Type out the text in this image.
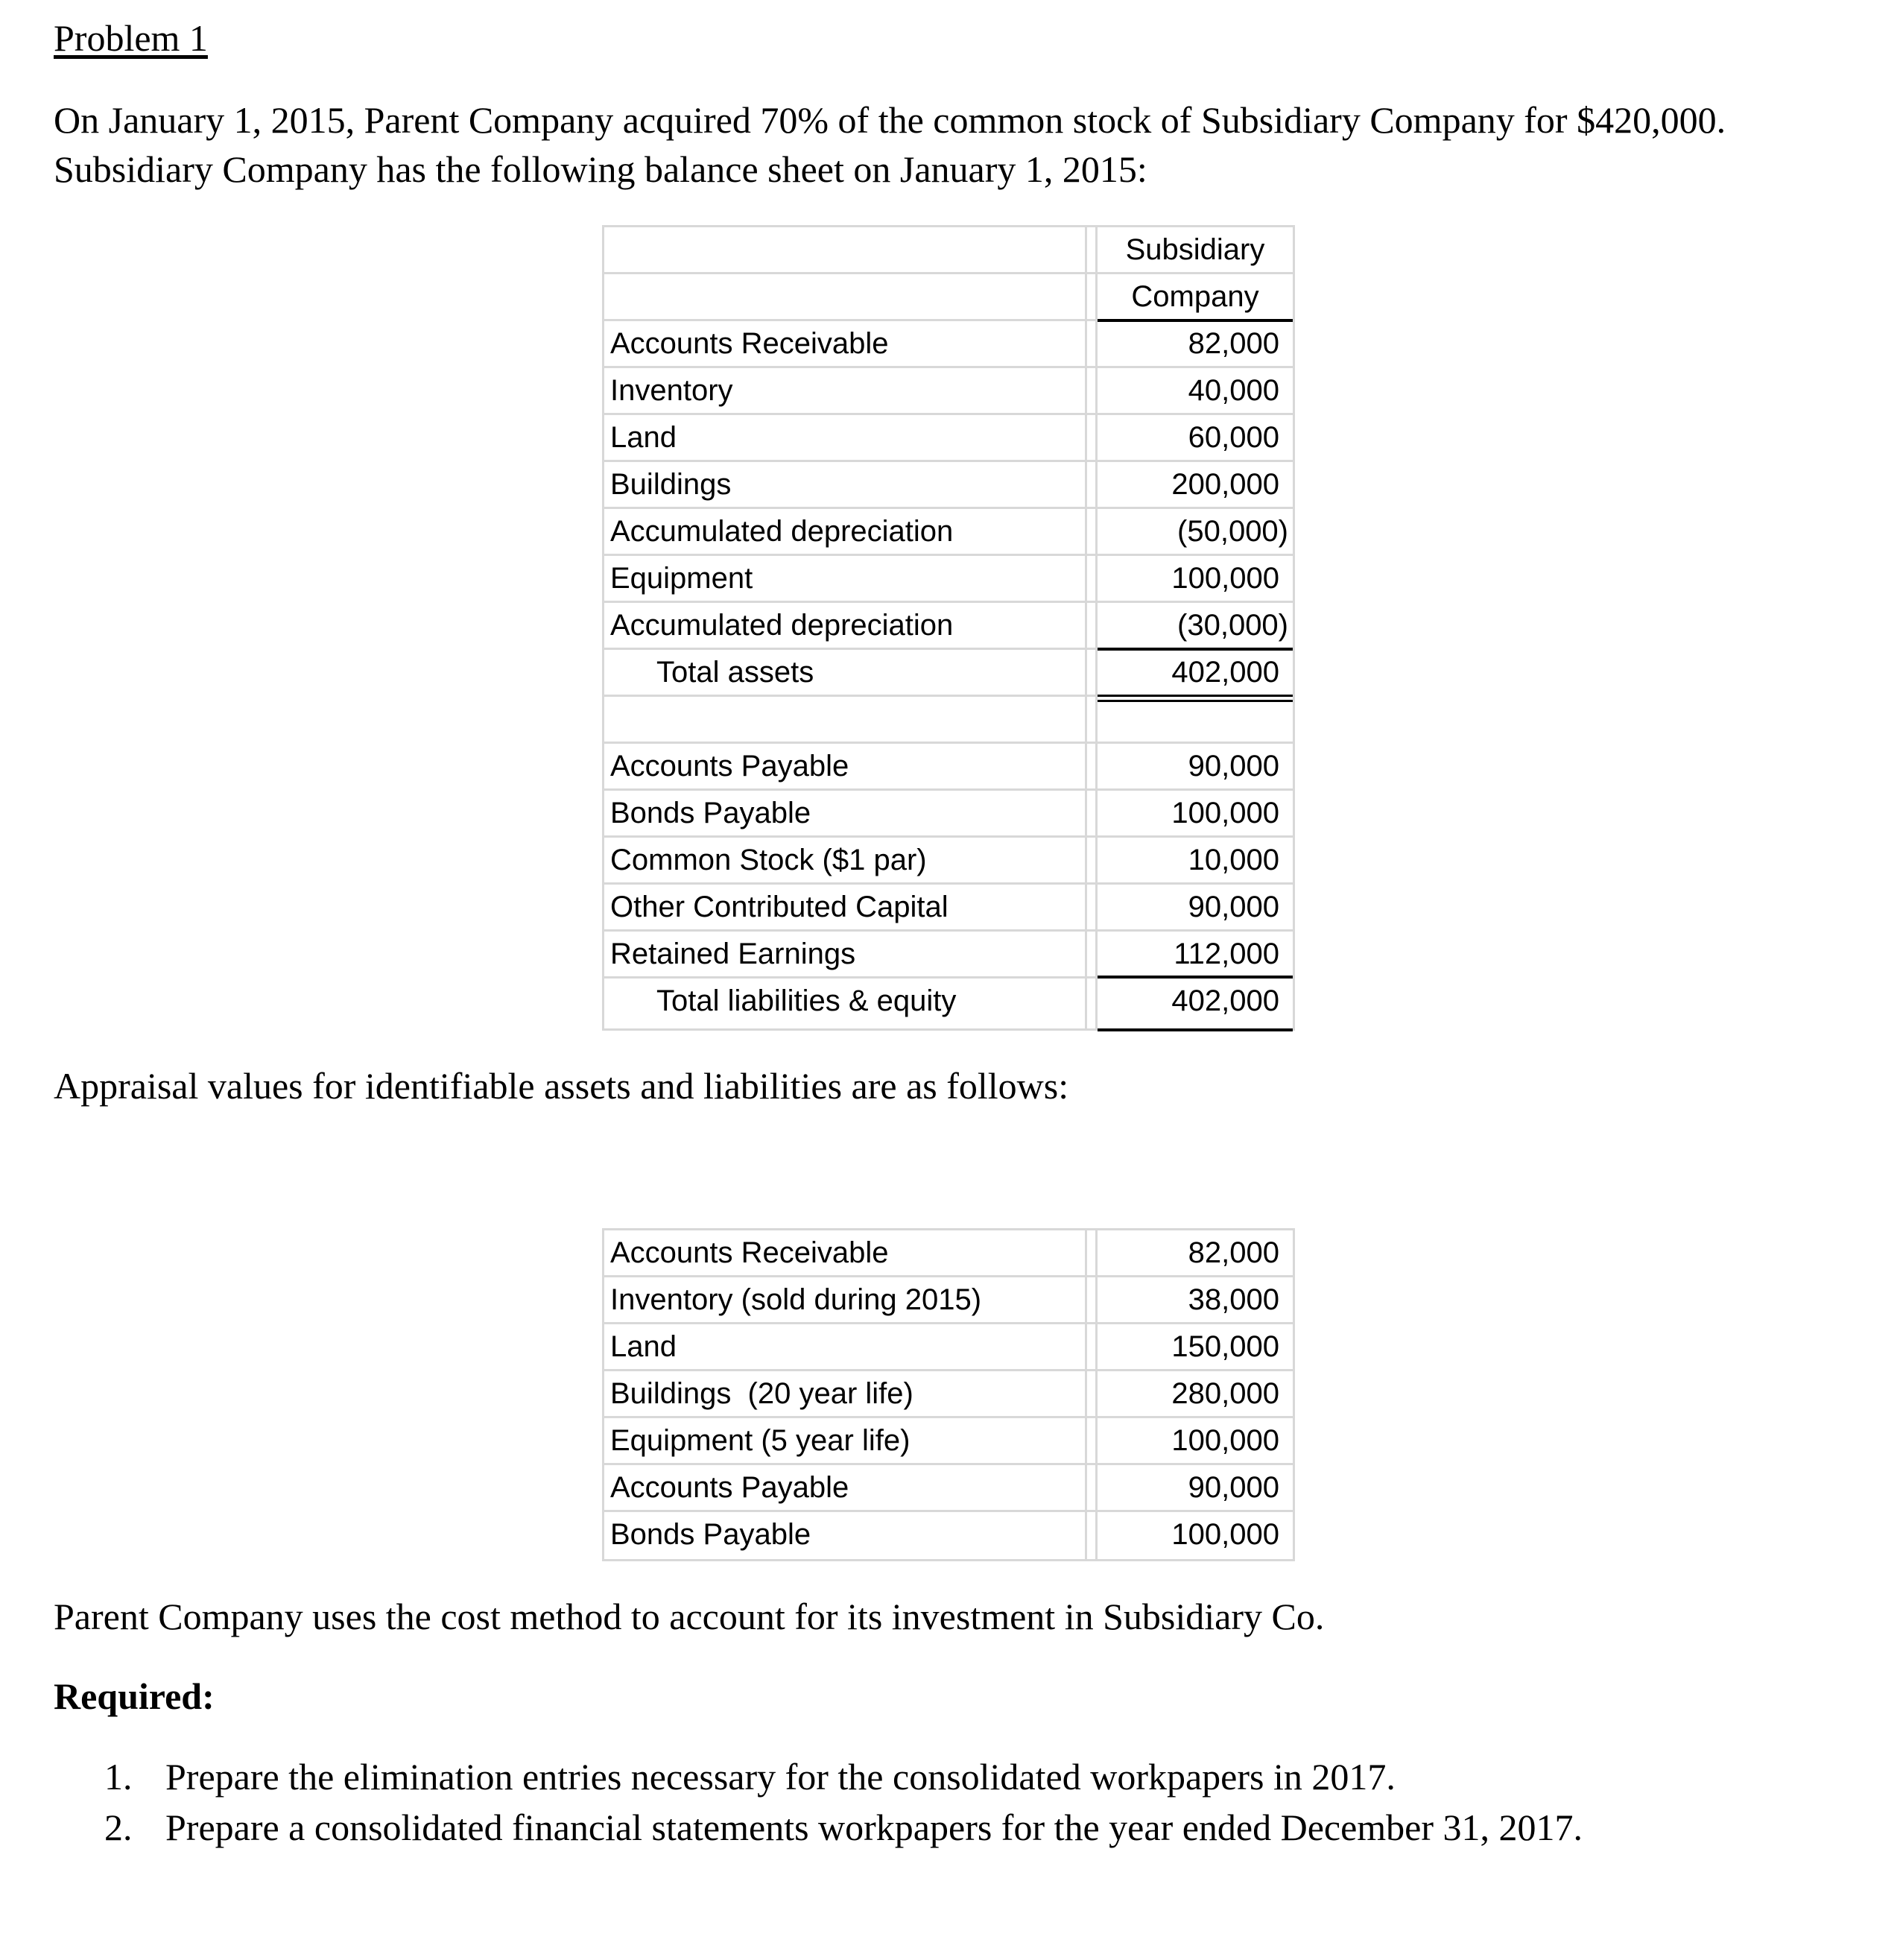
Problem 1
On January 1, 2015, Parent Company acquired 70% of the common stock of Subsidiary Company for $420,000. Subsidiary Company has the following balance sheet on January 1, 2015:
Subsidiary
Company
Accounts Receivable	82,000
Inventory	40,000
Land	60,000
Buildings	200,000
Accumulated depreciation	(50,000)
Equipment	100,000
Accumulated depreciation	(30,000)
Total assets	402,000
Accounts Payable	90,000
Bonds Payable	100,000
Common Stock ($1 par)	10,000
Other Contributed Capital	90,000
Retained Earnings	112,000
Total liabilities & equity	402,000
Appraisal values for identifiable assets and liabilities are as follows:
Accounts Receivable	82,000
Inventory (sold during 2015)	38,000
Land	150,000
Buildings  (20 year life)	280,000
Equipment (5 year life)	100,000
Accounts Payable	90,000
Bonds Payable	100,000
Parent Company uses the cost method to account for its investment in Subsidiary Co.
Required:
1. Prepare the elimination entries necessary for the consolidated workpapers in 2017.
2. Prepare a consolidated financial statements workpapers for the year ended December 31, 2017.
